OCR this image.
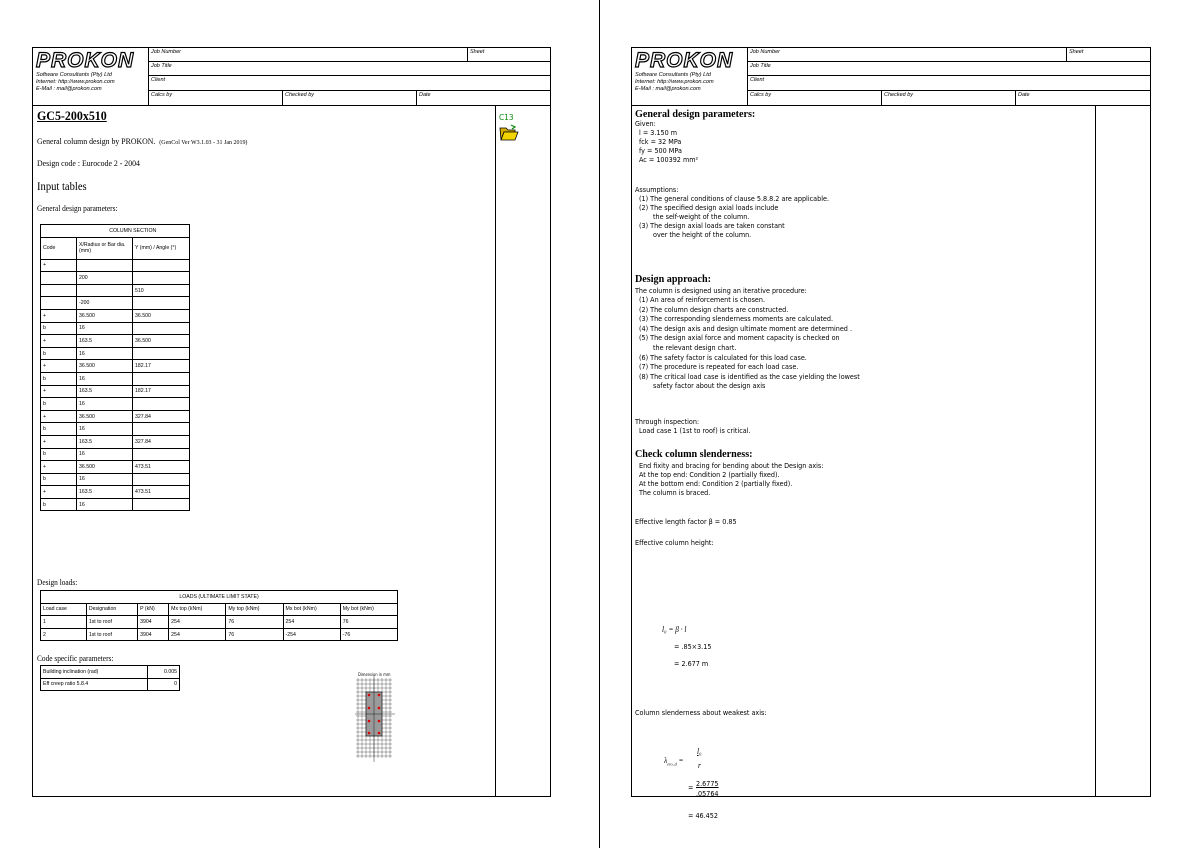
PROKON
Software Consultants (Pty) Ltd
Internet: http://www.prokon.com
E-Mail : mail@prokon.com
Job Number	Sheet
Job Title
Client
Calcs by	Checked by	Date
C13
GC5-200x510
General column design by PROKON. (GenCol Ver W3.1.03 - 31 Jan 2019)
Design code : Eurocode 2 - 2004
Input tables
General design parameters:
	COLUMN SECTION	
Code	X/Radius or Bar dia. (mm)	Y (mm) / Angle (°)
+		
	200	
		510
	-200	
+	36.500	36.500
b	16	
+	163.5	36.500
b	16	
+	36.500	182.17
b	16	
+	163.5	182.17
b	16	
+	36.500	327.84
b	16	
+	163.5	327.84
b	16	
+	36.500	473.51
b	16	
+	163.5	473.51
b	16	
Design loads:
LOADS (ULTIMATE LIMIT STATE)						
Load case	Designation	P (kN)	Mx top (kNm)	My top (kNm)	Mx bot (kNm)	My bot (kNm)
1	1st to roof	3904	254	76	254	76
2	1st to roof	3904	254	76	-254	-76
Code specific parameters:
Building inclination (rad)	0.005
Eff creep ratio 5.8.4	0
Dimension in mm
PROKON
Software Consultants (Pty) Ltd
Internet: http://www.prokon.com
E-Mail : mail@prokon.com
Job Number	Sheet
Job Title
Client
Calcs by	Checked by	Date
General design parameters:
Given:
l = 3.150 m
fck = 32 MPa
fy = 500 MPa
Ac = 100392 mm²
Assumptions:
(1) The general conditions of clause 5.8.8.2 are applicable.
(2) The specified design axial loads include
the self-weight of the column.
(3) The design axial loads are taken constant
over the height of the column.
Design approach:
The column is designed using an iterative procedure:
(1) An area of reinforcement is chosen.
(2) The column design charts are constructed.
(3) The corresponding slenderness moments are calculated.
(4) The design axis and design ultimate moment are determined .
(5) The design axial force and moment capacity is checked on
the relevant design chart.
(6) The safety factor is calculated for this load case.
(7) The procedure is repeated for each load case.
(8) The critical load case is identified as the case yielding the lowest
safety factor about the design axis
Through inspection:
Load case 1 (1st to roof) is critical.
Check column slenderness:
End fixity and bracing for bending about the Design axis:
At the top end: Condition 2 (partially fixed).
At the bottom end: Condition 2 (partially fixed).
The column is braced.
Effective length factor β = 0.85
Effective column height:
l₀ = β · l
= .85×3.15
= 2.677 m
Column slenderness about weakest axis:
$\lambda_{ero\_d}$ =
l₀
r
= 2.6775
.05764
= 46.452
